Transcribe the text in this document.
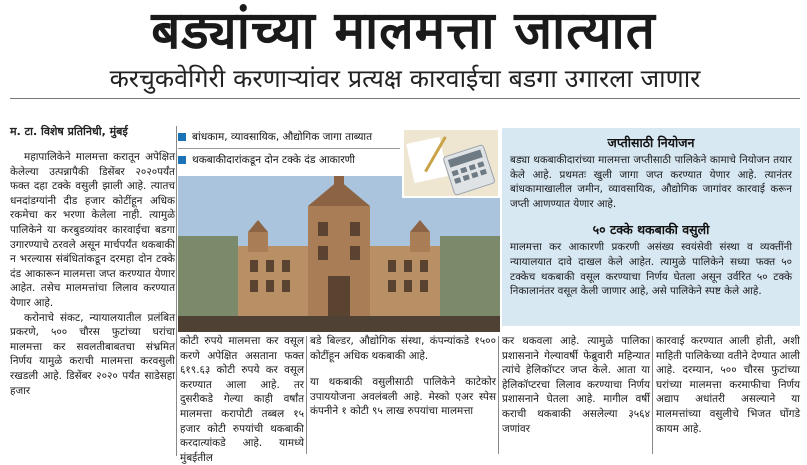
बड्यांच्या मालमत्ता जात्यात
करचुकवेगिरी करणाऱ्यांवर प्रत्यक्ष कारवाईचा बडगा उगारला जाणार
म. टा. विशेष प्रतिनिधी, मुंबई

महापालिकेने मालमत्ता करातून अपेक्षित केलेल्या उत्पन्नापैकी डिसेंबर २०२०पर्यंत फक्त दहा टक्के वसुली झाली आहे. त्यातच धनदांडग्यांनी दीड हजार कोटींहून अधिक रकमेचा कर भरणा केलेला नाही. त्यामुळे पालिकेने या करबुडव्यांवर कारवाईचा बडगा उगारण्याचे ठरवले असून मार्चपर्यंत थकबाकी न भरल्यास संबंधितांकडून दरमहा दोन टक्के दंड आकारून मालमत्ता जप्त करण्यात येणार आहेत. तसेच मालमत्तांचा लिलाव करण्यात येणार आहे.

करोनाचे संकट, न्यायालयातील प्रलंबित प्रकरणे, ५०० चौरस फुटांच्या घरांचा मालमत्ता कर सवलतीबाबतचा संभ्रमित निर्णय यामुळे कराची मालमत्ता करवसुली रखडली आहे. डिसेंबर २०२० पर्यंत साडेसहा हजार

बांधकाम, व्यावसायिक, औद्योगिक जागा ताब्यात
थकबाकीदारांकडून दोन टक्के दंड आकारणी
जप्तीसाठी नियोजन
बड्या थकबाकीदारांच्या मालमत्ता जप्तीसाठी पालिकेने कामाचे नियोजन तयार केले आहे. प्रथमतः खुली जागा जप्त करण्यात येणार आहे. त्यानंतर बांधकामाखालील जमीन, व्यावसायिक, औद्योगिक जागांवर कारवाई करून जप्ती आणण्यात येणार आहे.
५० टक्के थकबाकी वसुली
मालमत्ता कर आकारणी प्रकरणी असंख्य स्वयंसेवी संस्था व व्यक्तींनी न्यायालयात दावे दाखल केले आहेत. त्यामुळे पालिकेने सध्या फक्त ५० टक्केच थकबाकी वसूल करण्याचा निर्णय घेतला असून उर्वरित ५० टक्के निकालानंतर वसूल केली जाणार आहे, असे पालिकेने स्पष्ट केले आहे.
कोटी रुपये मालमत्ता कर वसूल करणे अपेक्षित असताना फक्त ६१९.६३ कोटी रुपये कर वसूल करण्यात आला आहे. तर दुसरीकडे गेल्या काही वर्षांत मालमत्ता करापोटी तब्बल १५ हजार कोटी रुपयांची थकबाकी करदात्यांकडे आहे. यामध्ये मुंबईतील
बडे बिल्डर, औद्योगिक संस्था, कंपन्यांकडे १५०० कोटींहून अधिक थकबाकी आहे.
या थकबाकी वसुलीसाठी पालिकेने काटेकोर उपाययोजना अवलंबली आहे. मेस्को एअर स्पेस कंपनीने १ कोटी ९५ लाख रुपयांचा मालमत्ता
कर थकवला आहे. त्यामुळे पालिका प्रशासनाने गेल्यावर्षी फेब्रुवारी महिन्यात त्यांचे हेलिकॉप्टर जप्त केले. आता या हेलिकॉप्टरचा लिलाव करण्याचा निर्णय प्रशासनाने घेतला आहे. मागील वर्षी कराची थकबाकी असलेल्या ३५६४ जणांवर
कारवाई करण्यात आली होती, अशी माहिती पालिकेच्या वतीने देण्यात आली आहे. दरम्यान, ५०० चौरस फुटांच्या घरांच्या मालमत्ता करमाफीचा निर्णय अद्याप अधांतरी असल्याने या मालमत्तांच्या वसुलीचे भिजत घोंगडे कायम आहे.
